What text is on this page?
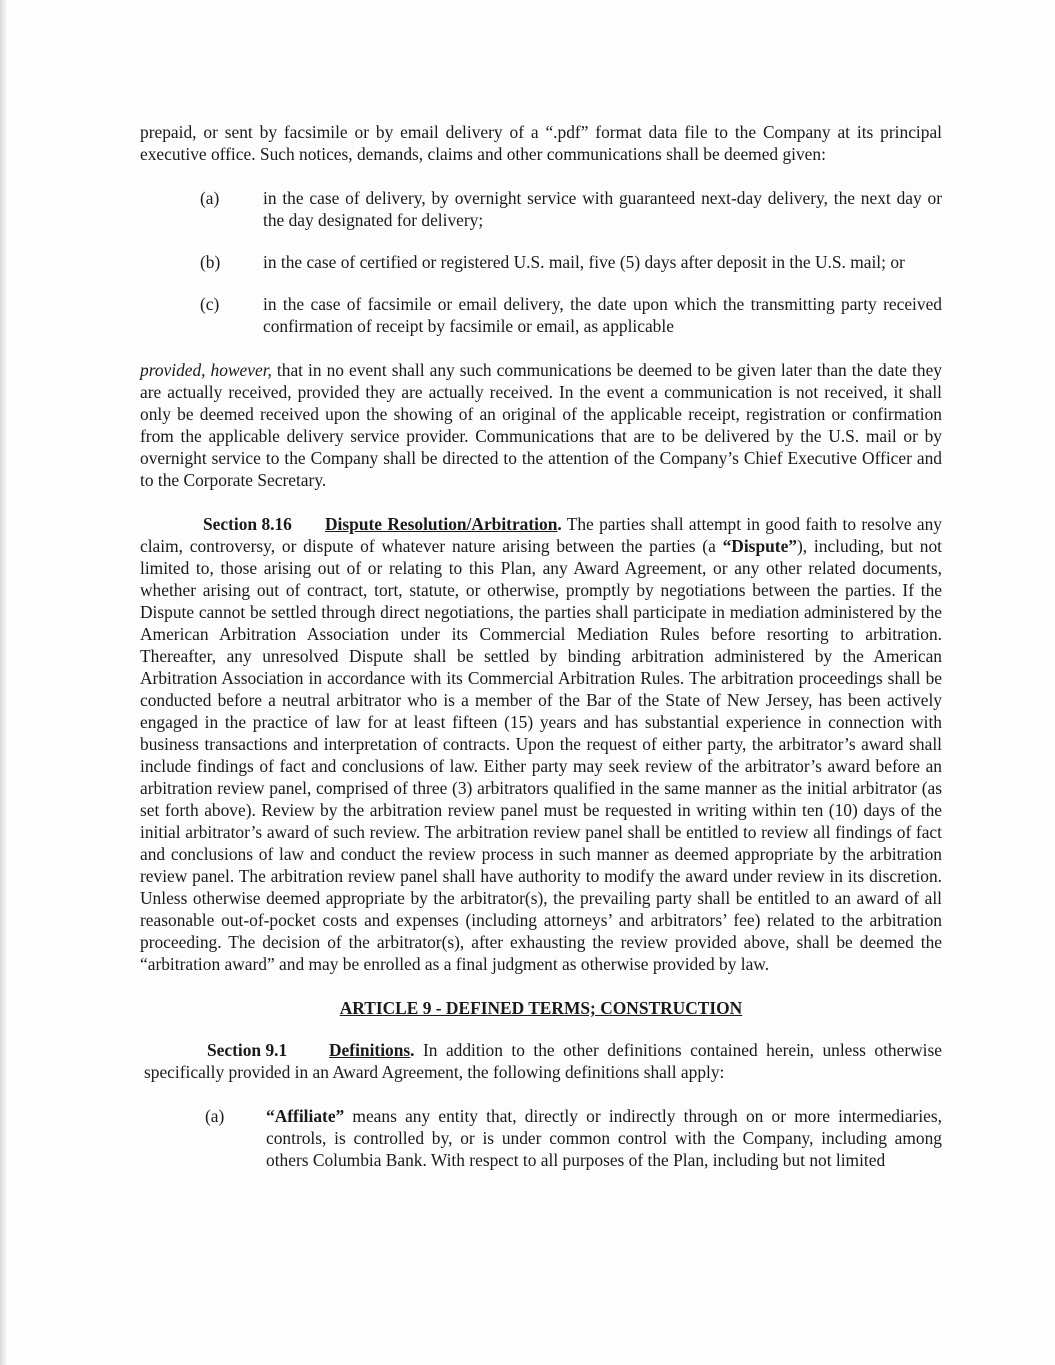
prepaid, or sent by facsimile or by email delivery of a “.pdf” format data file to the Company at its principal executive office. Such notices, demands, claims and other communications shall be deemed given:

(a)	in the case of delivery, by overnight service with guaranteed next-day delivery, the next day or the day designated for delivery;
(b)	in the case of certified or registered U.S. mail, five (5) days after deposit in the U.S. mail; or
(c)	in the case of facsimile or email delivery, the date upon which the transmitting party received confirmation of receipt by facsimile or email, as applicable

provided, however, that in no event shall any such communications be deemed to be given later than the date they are actually received, provided they are actually received. In the event a communication is not received, it shall only be deemed received upon the showing of an original of the applicable receipt, registration or confirmation from the applicable delivery service provider. Communications that are to be delivered by the U.S. mail or by overnight service to the Company shall be directed to the attention of the Company’s Chief Executive Officer and to the Corporate Secretary.

Section 8.16 Dispute Resolution/Arbitration. The parties shall attempt in good faith to resolve any claim, controversy, or dispute of whatever nature arising between the parties (a “Dispute”), including, but not limited to, those arising out of or relating to this Plan, any Award Agreement, or any other related documents, whether arising out of contract, tort, statute, or otherwise, promptly by negotiations between the parties. If the Dispute cannot be settled through direct negotiations, the parties shall participate in mediation administered by the American Arbitration Association under its Commercial Mediation Rules before resorting to arbitration. Thereafter, any unresolved Dispute shall be settled by binding arbitration administered by the American Arbitration Association in accordance with its Commercial Arbitration Rules. The arbitration proceedings shall be conducted before a neutral arbitrator who is a member of the Bar of the State of New Jersey, has been actively engaged in the practice of law for at least fifteen (15) years and has substantial experience in connection with business transactions and interpretation of contracts. Upon the request of either party, the arbitrator’s award shall include findings of fact and conclusions of law. Either party may seek review of the arbitrator’s award before an arbitration review panel, comprised of three (3) arbitrators qualified in the same manner as the initial arbitrator (as set forth above). Review by the arbitration review panel must be requested in writing within ten (10) days of the initial arbitrator’s award of such review. The arbitration review panel shall be entitled to review all findings of fact and conclusions of law and conduct the review process in such manner as deemed appropriate by the arbitration review panel. The arbitration review panel shall have authority to modify the award under review in its discretion. Unless otherwise deemed appropriate by the arbitrator(s), the prevailing party shall be entitled to an award of all reasonable out-of-pocket costs and expenses (including attorneys’ and arbitrators’ fee) related to the arbitration proceeding. The decision of the arbitrator(s), after exhausting the review provided above, shall be deemed the “arbitration award” and may be enrolled as a final judgment as otherwise provided by law.

ARTICLE 9 - DEFINED TERMS; CONSTRUCTION

Section 9.1 Definitions. In addition to the other definitions contained herein, unless otherwise specifically provided in an Award Agreement, the following definitions shall apply:

(a)	“Affiliate” means any entity that, directly or indirectly through on or more intermediaries, controls, is controlled by, or is under common control with the Company, including among others Columbia Bank. With respect to all purposes of the Plan, including but not limited
